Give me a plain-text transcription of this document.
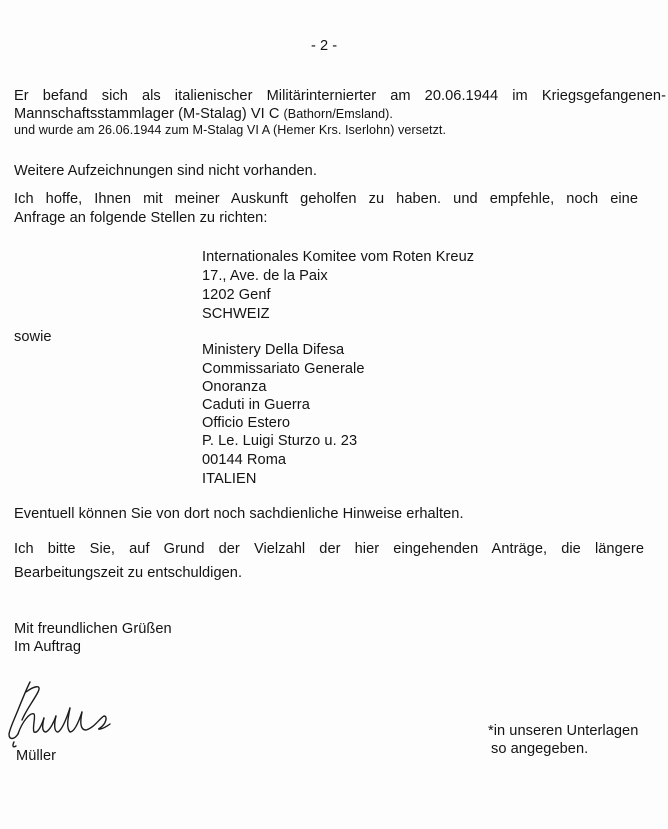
- 2 -
Er befand sich als italienischer Militärinternierter am 20.06.1944 im Kriegsgefangenen-
Mannschaftsstammlager (M-Stalag) VI C (Bathorn/Emsland).
und wurde am 26.06.1944 zum M-Stalag VI A (Hemer Krs. Iserlohn) versetzt.
Weitere Aufzeichnungen sind nicht vorhanden.
Ich hoffe, Ihnen mit meiner Auskunft geholfen zu haben. und empfehle, noch eine
Anfrage an folgende Stellen zu richten:
Internationales Komitee vom Roten Kreuz
17., Ave. de la Paix
1202 Genf
SCHWEIZ
sowie
Ministery Della Difesa
Commissariato Generale
Onoranza
Caduti in Guerra
Officio Estero
P. Le. Luigi Sturzo u. 23
00144 Roma
ITALIEN
Eventuell können Sie von dort noch sachdienliche Hinweise erhalten.
Ich bitte Sie, auf Grund der Vielzahl der hier eingehenden Anträge, die längere
Bearbeitungszeit zu entschuldigen.
Mit freundlichen Grüßen
Im Auftrag
Müller
*in unseren Unterlagen
so angegeben.
